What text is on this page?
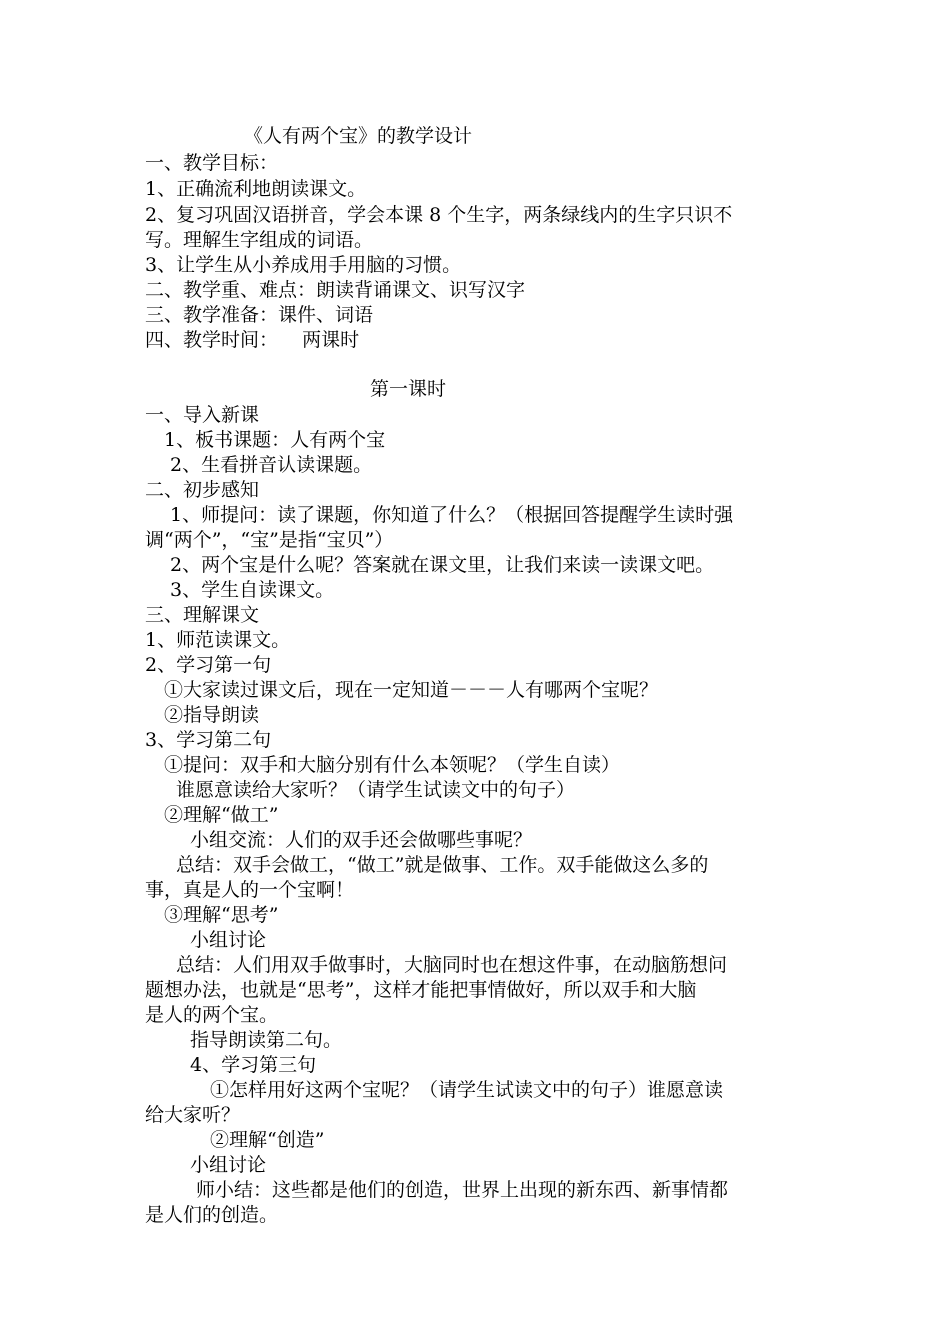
《人有两个宝》的教学设计

一、教学目标：

1、正确流利地朗读课文。

2、复习巩固汉语拼音，学会本课 8 个生字，两条绿线内的生字只识不

写。理解生字组成的词语。

3、让学生从小养成用手用脑的习惯。

二、教学重、难点：朗读背诵课文、识写汉字

三、教学准备：课件、词语

四、教学时间：    两课时

第一课时

一、导入新课

1、板书课题：人有两个宝

2、生看拼音认读课题。

二、初步感知

1、师提问：读了课题，你知道了什么？（根据回答提醒学生读时强

调“两个”，“宝”是指“宝贝”）

2、两个宝是什么呢？答案就在课文里，让我们来读一读课文吧。

3、学生自读课文。

三、理解课文

1、师范读课文。

2、学习第一句

①大家读过课文后，现在一定知道－－－人有哪两个宝呢？

②指导朗读

3、学习第二句

①提问：双手和大脑分别有什么本领呢？（学生自读）

谁愿意读给大家听？（请学生试读文中的句子）

②理解“做工”

小组交流：人们的双手还会做哪些事呢？

总结：双手会做工，“做工”就是做事、工作。双手能做这么多的

事，真是人的一个宝啊！

③理解“思考”

小组讨论

总结：人们用双手做事时，大脑同时也在想这件事，在动脑筋想问

题想办法，也就是“思考”，这样才能把事情做好，所以双手和大脑

是人的两个宝。

指导朗读第二句。

4、学习第三句

①怎样用好这两个宝呢？（请学生试读文中的句子）谁愿意读

给大家听？

②理解“创造”

小组讨论

师小结：这些都是他们的创造，世界上出现的新东西、新事情都

是人们的创造。
